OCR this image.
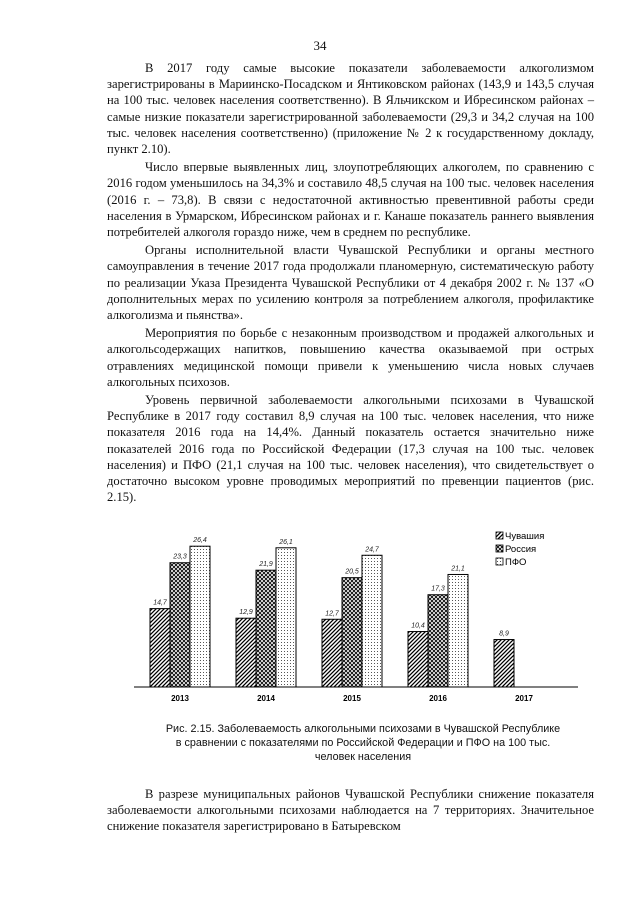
34

В 2017 году самые высокие показатели заболеваемости алкоголизмом зарегистрированы в Мариинско-Посадском и Янтиковском районах (143,9 и 143,5 случая на 100 тыс. человек населения соответственно). В Яльчикском и Ибресинском районах – самые низкие показатели зарегистрированной заболеваемости (29,3 и 34,2 случая на 100 тыс. человек населения соответственно) (приложение № 2 к государственному докладу, пункт 2.10).

Число впервые выявленных лиц, злоупотребляющих алкоголем, по сравнению с 2016 годом уменьшилось на 34,3% и составило 48,5 случая на 100 тыс. человек населения (2016 г. – 73,8). В связи с недостаточной активностью превентивной работы среди населения в Урмарском, Ибресинском районах и г. Канаше показатель раннего выявления потребителей алкоголя гораздо ниже, чем в среднем по республике.

Органы исполнительной власти Чувашской Республики и органы местного самоуправления в течение 2017 года продолжали планомерную, систематическую работу по реализации Указа Президента Чувашской Республики от 4 декабря 2002 г. № 137 «О дополнительных мерах по усилению контроля за потреблением алкоголя, профилактике алкоголизма и пьянства».

Мероприятия по борьбе с незаконным производством и продажей алкогольных и алкогольсодержащих напитков, повышению качества оказываемой при острых отравлениях медицинской помощи привели к уменьшению числа новых случаев алкогольных психозов.

Уровень первичной заболеваемости алкогольными психозами в Чувашской Республике в 2017 году составил 8,9 случая на 100 тыс. человек населения, что ниже показателя 2016 года на 14,4%. Данный показатель остается значительно ниже показателей 2016 года по Российской Федерации (17,3 случая на 100 тыс. человек населения) и ПФО (21,1 случая на 100 тыс. человек населения), что свидетельствует о достаточно высоком уровне проводимых мероприятий по превенции пациентов (рис. 2.15).

14,7
23,3
26,4
12,9
21,9
26,1
12,7
20,5
24,7
10,4
17,3
21,1
8,9
2013	2014	2015	2016	2017
Чувашия
Россия
ПФО
Рис. 2.15. Заболеваемость алкогольными психозами в Чувашской Республике
в сравнении с показателями по Российской Федерации и ПФО на 100 тыс.
человек населения

В разрезе муниципальных районов Чувашской Республики снижение показателя заболеваемости алкогольными психозами наблюдается на 7 территориях. Значительное снижение показателя зарегистрировано в Батыревском
